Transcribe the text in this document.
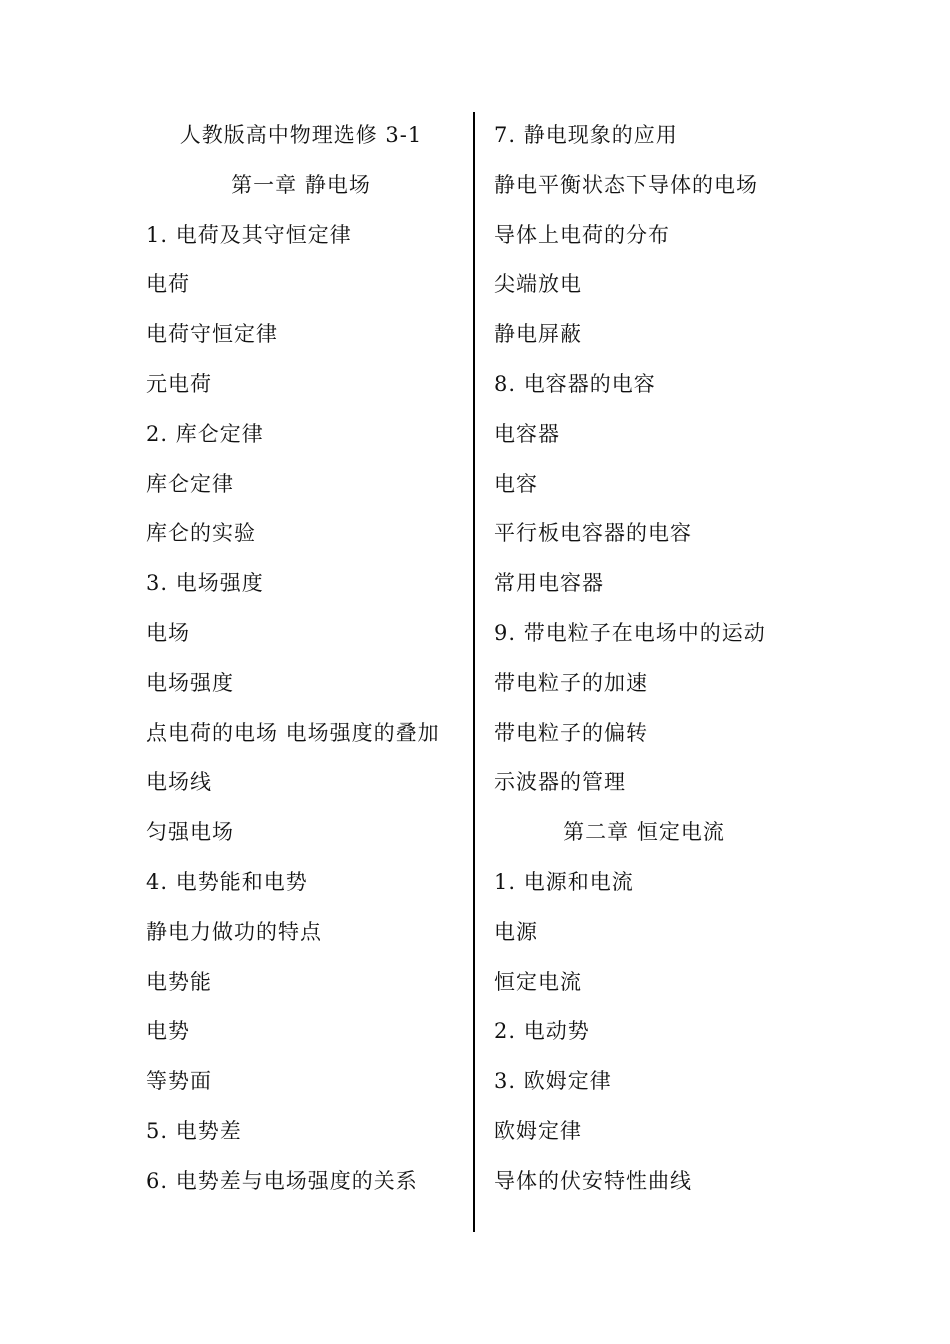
人教版高中物理选修 3-1
第一章 静电场
1. 电荷及其守恒定律
电荷
电荷守恒定律
元电荷
2. 库仑定律
库仑定律
库仑的实验
3. 电场强度
电场
电场强度
点电荷的电场 电场强度的叠加
电场线
匀强电场
4. 电势能和电势
静电力做功的特点
电势能
电势
等势面
5. 电势差
6. 电势差与电场强度的关系
7. 静电现象的应用
静电平衡状态下导体的电场
导体上电荷的分布
尖端放电
静电屏蔽
8. 电容器的电容
电容器
电容
平行板电容器的电容
常用电容器
9. 带电粒子在电场中的运动
带电粒子的加速
带电粒子的偏转
示波器的管理
第二章 恒定电流
1. 电源和电流
电源
恒定电流
2. 电动势
3. 欧姆定律
欧姆定律
导体的伏安特性曲线
